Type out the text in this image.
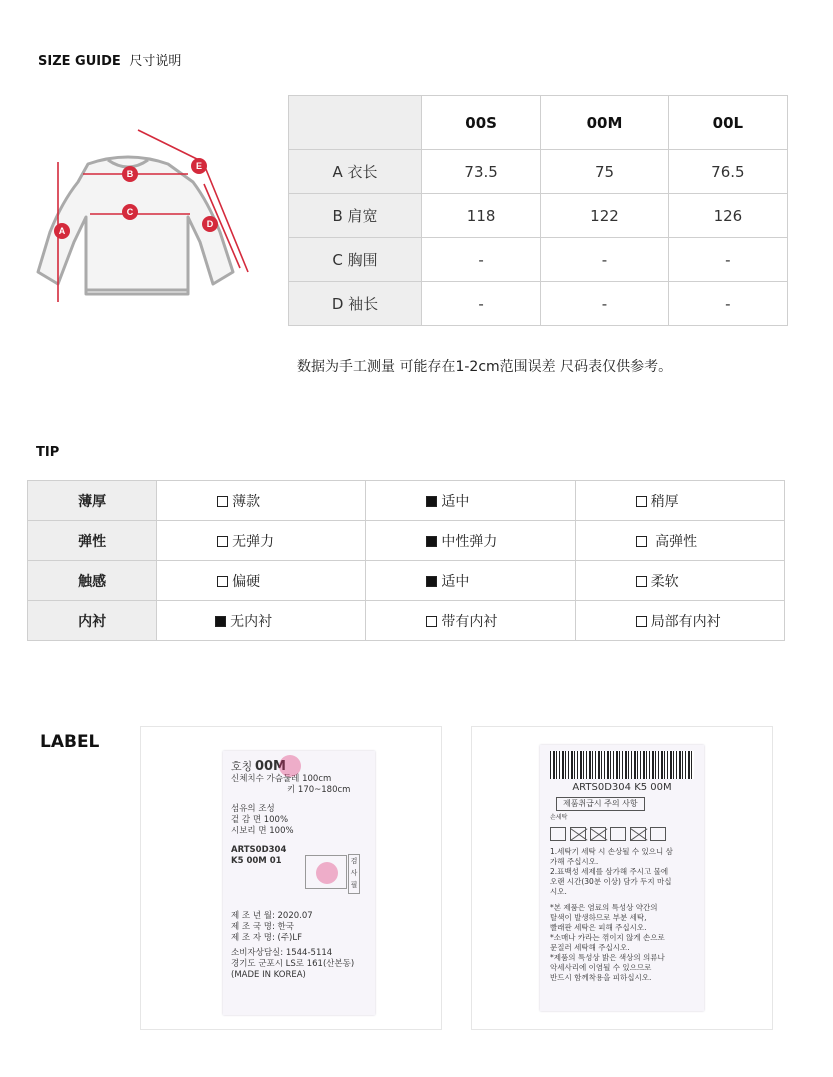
SIZE GUIDE 尺寸说明
A
B
C
D
E
	00S	00M	00L
A 衣长	73.5	75	76.5
B 肩宽	118	122	126
C 胸围	-	-	-
D 袖长	-	-	-
数据为手工测量 可能存在1-2cm范围误差 尺码表仅供参考。
TIP
薄厚	薄款	适中	稍厚
弹性	无弹力	中性弹力	高弹性
触感	偏硬	适中	柔软
内衬	无内衬	带有内衬	局部有内衬
LABEL
호칭 00M
신체치수 가슴둘레 100cm
키 170~180cm
섬유의 조성
겉 감 면 100%
시보리 면 100%
ARTS0D304
K5 00M 01	검사필
제 조 년 월: 2020.07
제 조 국 명: 한국
제 조 자 명: (주)LF
소비자상담실: 1544-5114
경기도 군포시 LS로 161(산본동)
(MADE IN KOREA)
ARTS0D304 K5 00M
제품취급시 주의 사항
손세탁
1.세탁기 세탁 시 손상될 수 있으니 삼
가해 주십시오.
2.표백성 세제를 삼가해 주시고 물에
오랜 시간(30분 이상) 담가 두지 마십
시오.
*본 제품은 염료의 특성상 약간의
탈색이 발생하므로 부분 세탁,
빨래판 세탁은 피해 주십시오.
*소매나 카라는 꺾이지 않게 손으로
문질러 세탁해 주십시오.
*제품의 특성상 밝은 색상의 의류나
악세사리에 이염될 수 있으므로
반드시 함께착용을 피하십시오.
